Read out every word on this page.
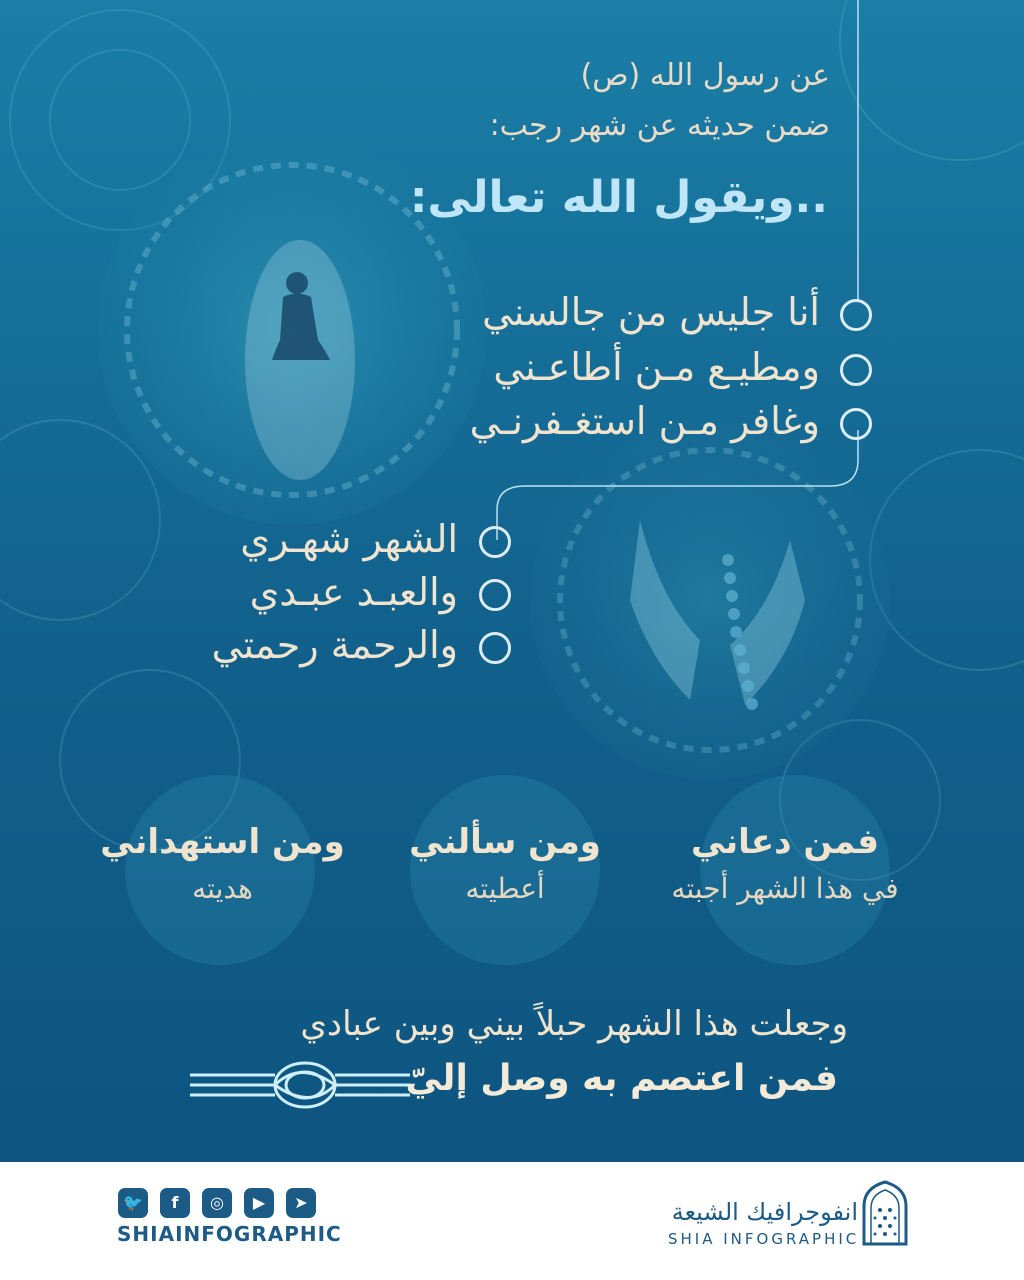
عن رسول الله (ص)
ضمن حديثه عن شهر رجب:
..ويقول الله تعالى:
أنا جليس من جالسني
ومطيـع مـن أطاعـني
وغافر مـن استغـفرنـي
الشهر شهـري
والعبـد عبـدي
والرحمة رحمتي
فمن دعاني
في هذا الشهر أجبته
ومن سألني
أعطيته
ومن استهداني
هديته
وجعلت هذا الشهر حبلاً بيني وبين عبادي
فمن اعتصم به وصل إليّ
🐦	f	◎	▶	➤
SHIAINFOGRAPHIC
انفوجرافيك الشيعة
SHIA INFOGRAPHIC
